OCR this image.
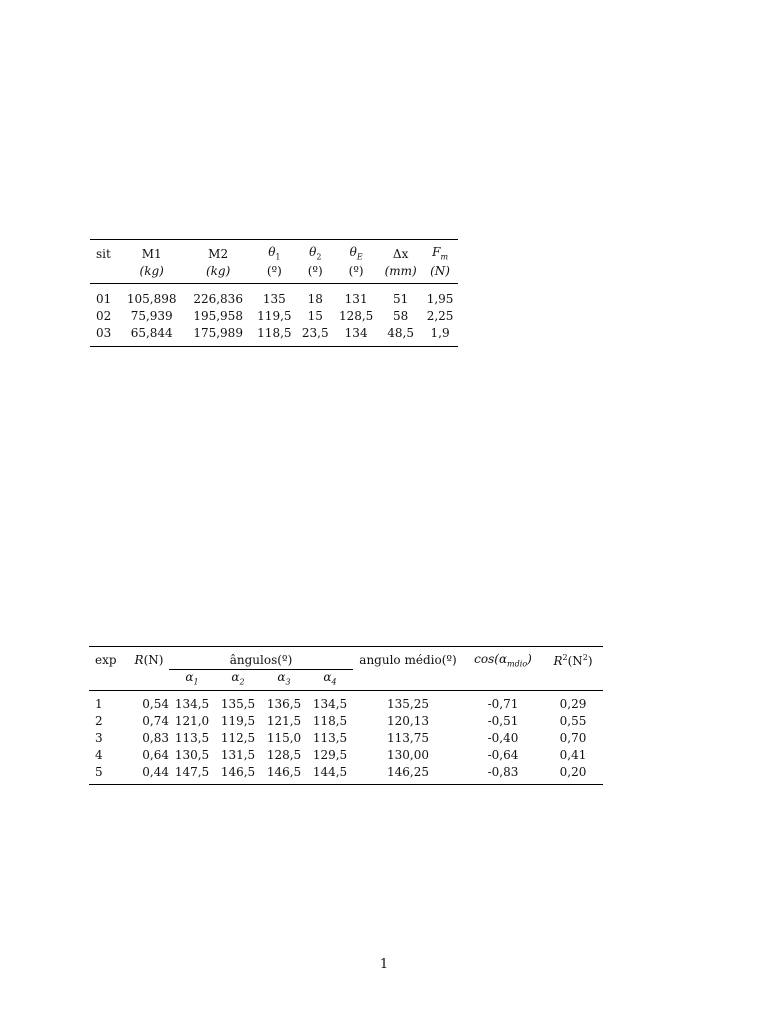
sit	M1	M2	$\theta_1$	$\theta_2$	$\theta_E$	Δx	$F_m$
	(kg)	(kg)	(º)	(º)	(º)	(mm)	(N)
01	105,898	226,836	135	18	131	51	1,95
02	75,939	195,958	119,5	15	128,5	58	2,25
03	65,844	175,989	118,5	23,5	134	48,5	1,9
exp	R(N)	ângulos(º)				angulo médio(º)	$\cos(\alpha_{mdio})$	$R^2(N^2)$
		$\alpha_1$	$\alpha_2$	$\alpha_3$	$\alpha_4$			
1	0,54	134,5	135,5	136,5	134,5	135,25	-0,71	0,29
2	0,74	121,0	119,5	121,5	118,5	120,13	-0,51	0,55
3	0,83	113,5	112,5	115,0	113,5	113,75	-0,40	0,70
4	0,64	130,5	131,5	128,5	129,5	130,00	-0,64	0,41
5	0,44	147,5	146,5	146,5	144,5	146,25	-0,83	0,20
1
